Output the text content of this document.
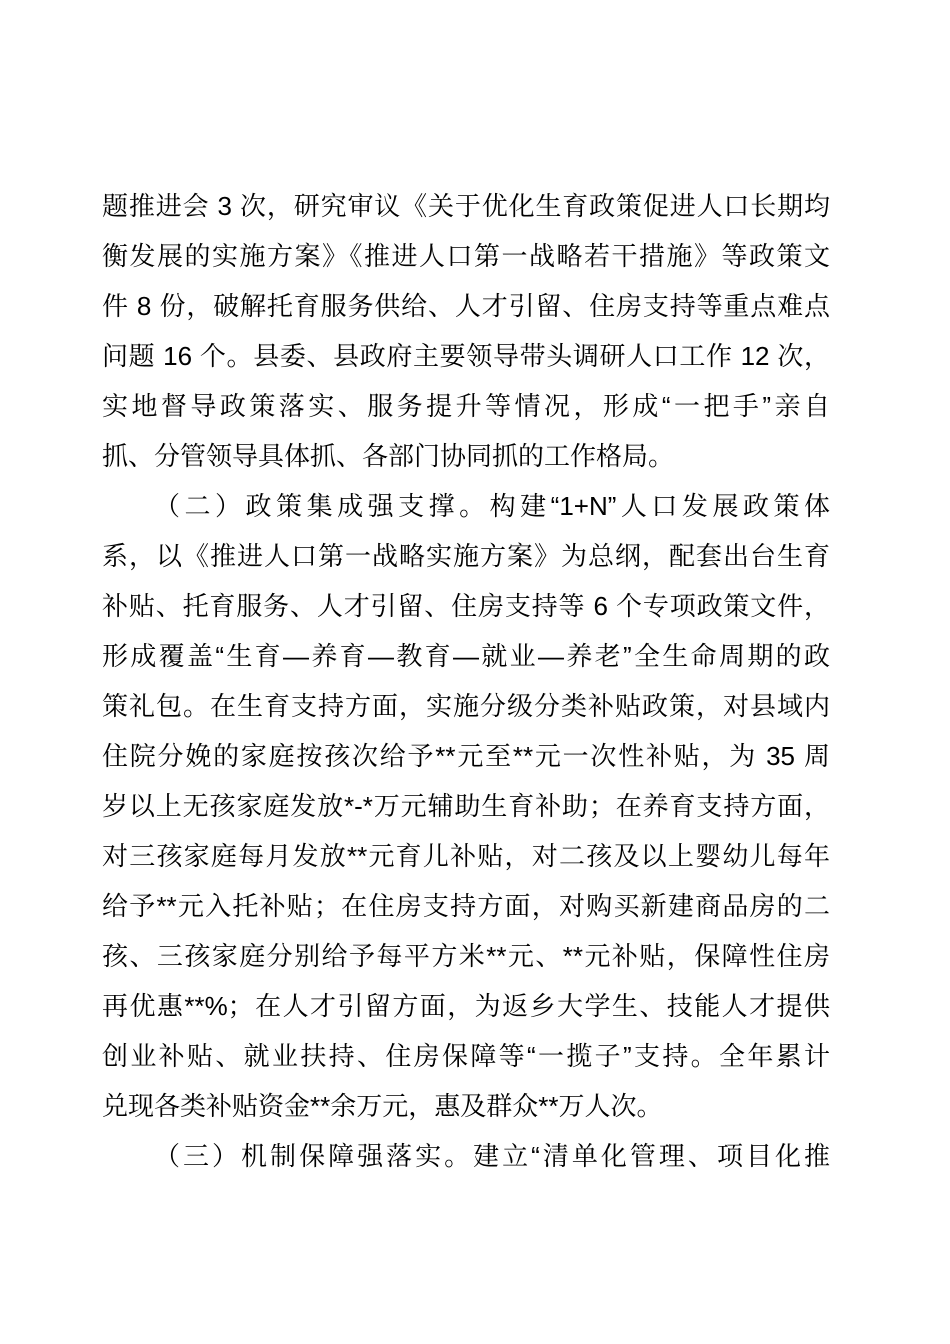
题推进会 3 次，研究审议《关于优化生育政策促进人口长期均
衡发展的实施方案》《推进人口第一战略若干措施》等政策文
件 8 份，破解托育服务供给、人才引留、住房支持等重点难点
问题 16 个。县委、县政府主要领导带头调研人口工作 12 次，
实地督导政策落实、服务提升等情况，形成“一把手”亲自
抓、分管领导具体抓、各部门协同抓的工作格局。
（二）政策集成强支撑。构建“1+N”人口发展政策体
系，以《推进人口第一战略实施方案》为总纲，配套出台生育
补贴、托育服务、人才引留、住房支持等 6 个专项政策文件，
形成覆盖“生育—养育—教育—就业—养老”全生命周期的政
策礼包。在生育支持方面，实施分级分类补贴政策，对县域内
住院分娩的家庭按孩次给予**元至**元一次性补贴，为 35 周
岁以上无孩家庭发放*-*万元辅助生育补助；在养育支持方面，
对三孩家庭每月发放**元育儿补贴，对二孩及以上婴幼儿每年
给予**元入托补贴；在住房支持方面，对购买新建商品房的二
孩、三孩家庭分别给予每平方米**元、**元补贴，保障性住房
再优惠**%；在人才引留方面，为返乡大学生、技能人才提供
创业补贴、就业扶持、住房保障等“一揽子”支持。全年累计
兑现各类补贴资金**余万元，惠及群众**万人次。
（三）机制保障强落实。建立“清单化管理、项目化推
